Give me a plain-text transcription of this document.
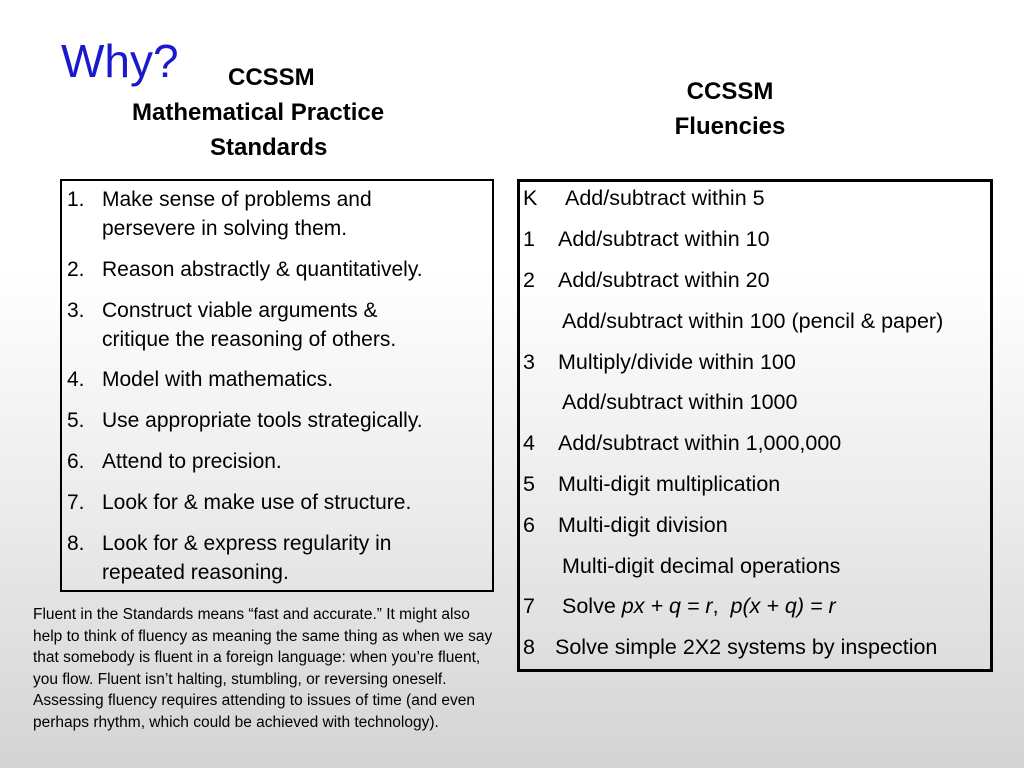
Why? CCSSM
Mathematical Practice
Standards
CCSSM
Fluencies
1. Make sense of problems and
persevere in solving them.
2. Reason abstractly & quantitatively.
3. Construct viable arguments &
critique the reasoning of others.
4. Model with mathematics.
5. Use appropriate tools strategically.
6. Attend to precision.
7. Look for & make use of structure.
8. Look for & express regularity in
repeated reasoning.
K Add/subtract within 5
1 Add/subtract within 10
2 Add/subtract within 20
Add/subtract within 100 (pencil & paper)
3 Multiply/divide within 100
Add/subtract within 1000
4 Add/subtract within 1,000,000
5 Multi-digit multiplication
6 Multi-digit division
Multi-digit decimal operations
7 Solve px + q = r,  p(x + q) = r
8 Solve simple 2X2 systems by inspection
Fluent in the Standards means “fast and accurate.” It might also help to think of fluency as meaning the same thing as when we say that somebody is fluent in a foreign language: when you’re fluent, you flow. Fluent isn’t halting, stumbling, or reversing oneself. Assessing fluency requires attending to issues of time (and even perhaps rhythm, which could be achieved with technology).
